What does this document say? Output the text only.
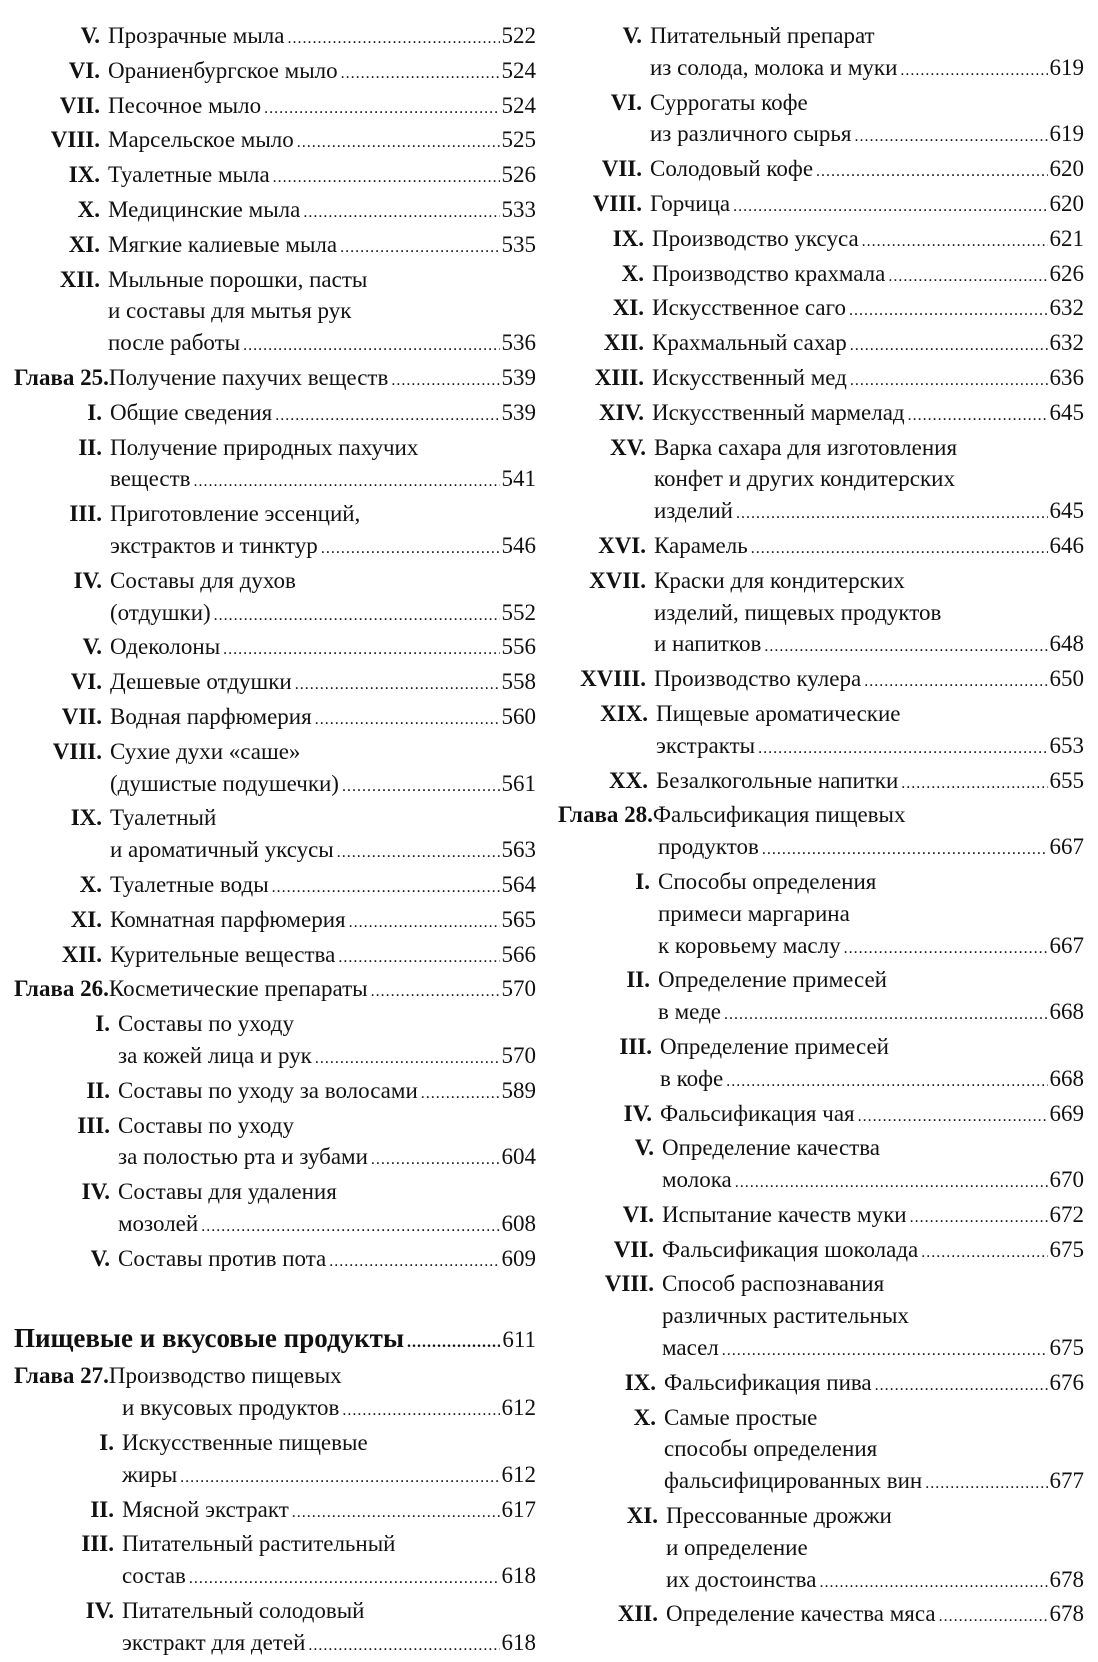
V. Прозрачные мыла .....	522
VI. Ораниенбургское мыло .....	524
VII. Песочное мыло .....	524
VIII. Марсельское мыло .....	525
IX. Туалетные мыла .....	526
X. Медицинские мыла .....	533
XI. Мягкие калиевые мыла .....	535
XII. Мыльные порошки, пасты
и составы для мытья рук
после работы .....	536
Глава 25. Получение пахучих веществ .....	539
I. Общие сведения .....	539
II. Получение природных пахучих
веществ .....	541
III. Приготовление эссенций,
экстрактов и тинктур .....	546
IV. Составы для духов
(отдушки) .....	552
V. Одеколоны .....	556
VI. Дешевые отдушки .....	558
VII. Водная парфюмерия .....	560
VIII. Сухие духи «саше»
(душистые подушечки) .....	561
IX. Туалетный
и ароматичный уксусы .....	563
X. Туалетные воды .....	564
XI. Комнатная парфюмерия .....	565
XII. Курительные вещества .....	566
Глава 26. Косметические препараты .....	570
I. Составы по уходу
за кожей лица и рук .....	570
II. Составы по уходу за волосами .....	589
III. Составы по уходу
за полостью рта и зубами .....	604
IV. Составы для удаления
мозолей .....	608
V. Составы против пота .....	609
Пищевые и вкусовые продукты .....	611
Глава 27. Производство пищевых
и вкусовых продуктов .....	612
I. Искусственные пищевые
жиры .....	612
II. Мясной экстракт .....	617
III. Питательный растительный
состав .....	618
IV. Питательный солодовый
экстракт для детей .....	618
V. Питательный препарат
из солода, молока и муки .....	619
VI. Суррогаты кофе
из различного сырья .....	619
VII. Солодовый кофе .....	620
VIII. Горчица .....	620
IX. Производство уксуса .....	621
X. Производство крахмала .....	626
XI. Искусственное саго .....	632
XII. Крахмальный сахар .....	632
XIII. Искусственный мед .....	636
XIV. Искусственный мармелад .....	645
XV. Варка сахара для изготовления
конфет и других кондитерских
изделий .....	645
XVI. Карамель .....	646
XVII. Краски для кондитерских
изделий, пищевых продуктов
и напитков .....	648
XVIII. Производство кулера .....	650
XIX. Пищевые ароматические
экстракты .....	653
XX. Безалкогольные напитки .....	655
Глава 28. Фальсификация пищевых
продуктов .....	667
I. Способы определения
примеси маргарина
к коровьему маслу .....	667
II. Определение примесей
в меде .....	668
III. Определение примесей
в кофе .....	668
IV. Фальсификация чая .....	669
V. Определение качества
молока .....	670
VI. Испытание качеств муки .....	672
VII. Фальсификация шоколада .....	675
VIII. Способ распознавания
различных растительных
масел .....	675
IX. Фальсификация пива .....	676
X. Самые простые
способы определения
фальсифицированных вин .....	677
XI. Прессованные дрожжи
и определение
их достоинства .....	678
XII. Определение качества мяса .....	678
